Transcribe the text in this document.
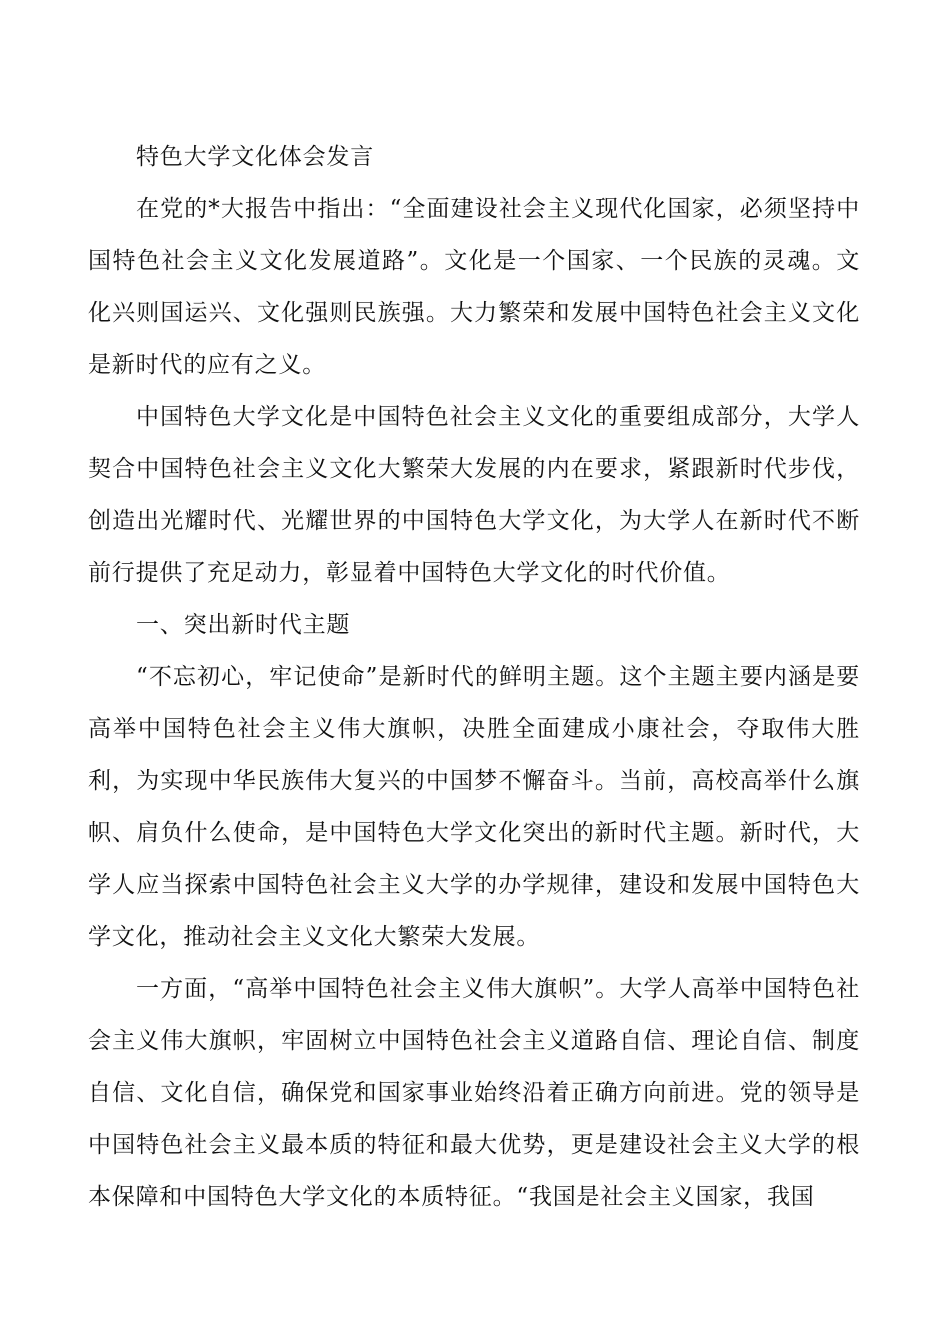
特色大学文化体会发言

在党的*大报告中指出：“全面建设社会主义现代化国家，必须坚持中国特色社会主义文化发展道路”。文化是一个国家、一个民族的灵魂。文化兴则国运兴、文化强则民族强。大力繁荣和发展中国特色社会主义文化是新时代的应有之义。

中国特色大学文化是中国特色社会主义文化的重要组成部分，大学人契合中国特色社会主义文化大繁荣大发展的内在要求，紧跟新时代步伐，创造出光耀时代、光耀世界的中国特色大学文化，为大学人在新时代不断前行提供了充足动力，彰显着中国特色大学文化的时代价值。

一、突出新时代主题

“不忘初心，牢记使命”是新时代的鲜明主题。这个主题主要内涵是要高举中国特色社会主义伟大旗帜，决胜全面建成小康社会，夺取伟大胜利，为实现中华民族伟大复兴的中国梦不懈奋斗。当前，高校高举什么旗帜、肩负什么使命，是中国特色大学文化突出的新时代主题。新时代，大学人应当探索中国特色社会主义大学的办学规律，建设和发展中国特色大学文化，推动社会主义文化大繁荣大发展。

一方面，“高举中国特色社会主义伟大旗帜”。大学人高举中国特色社会主义伟大旗帜，牢固树立中国特色社会主义道路自信、理论自信、制度自信、文化自信，确保党和国家事业始终沿着正确方向前进。党的领导是中国特色社会主义最本质的特征和最大优势，更是建设社会主义大学的根本保障和中国特色大学文化的本质特征。“我国是社会主义国家，我国
